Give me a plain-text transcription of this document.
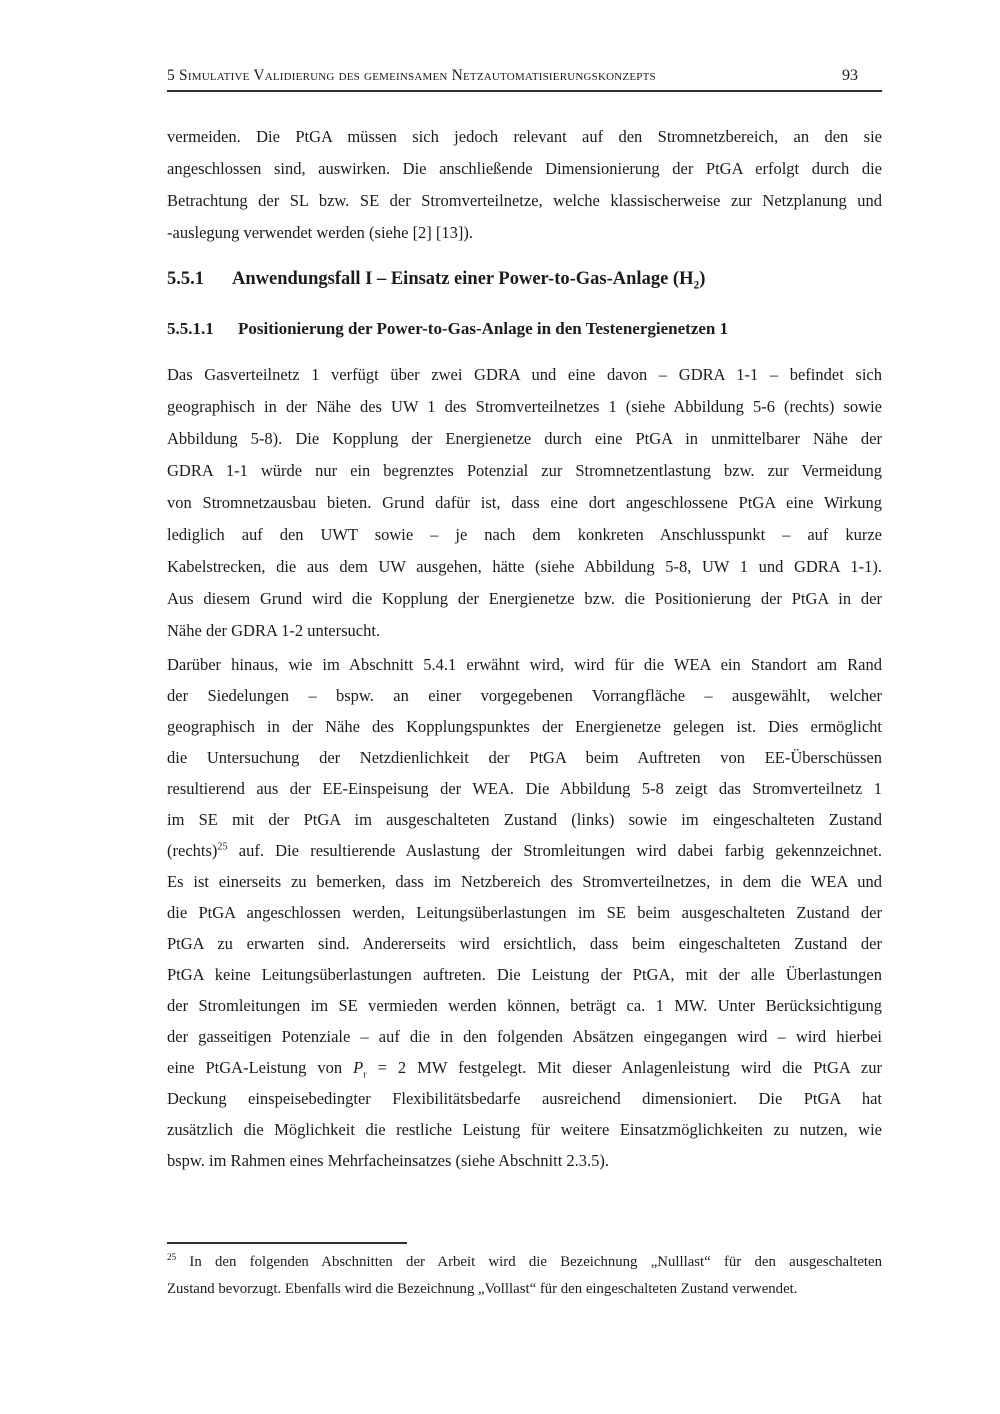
5 Simulative Validierung des gemeinsamen Netzautomatisierungskonzepts	93
vermeiden. Die PtGA müssen sich jedoch relevant auf den Stromnetzbereich, an den sie
angeschlossen sind, auswirken. Die anschließende Dimensionierung der PtGA erfolgt durch die
Betrachtung der SL bzw. SE der Stromverteilnetze, welche klassischerweise zur Netzplanung und
-auslegung verwendet werden (siehe [2] [13]).
5.5.1 Anwendungsfall I – Einsatz einer Power-to-Gas-Anlage $(H_2)$
5.5.1.1 Positionierung der Power-to-Gas-Anlage in den Testenergienetzen 1
Das Gasverteilnetz 1 verfügt über zwei GDRA und eine davon – GDRA 1-1 – befindet sich
geographisch in der Nähe des UW 1 des Stromverteilnetzes 1 (siehe Abbildung 5-6 (rechts) sowie
Abbildung 5-8). Die Kopplung der Energienetze durch eine PtGA in unmittelbarer Nähe der
GDRA 1-1 würde nur ein begrenztes Potenzial zur Stromnetzentlastung bzw. zur Vermeidung
von Stromnetzausbau bieten. Grund dafür ist, dass eine dort angeschlossene PtGA eine Wirkung
lediglich auf den UWT sowie – je nach dem konkreten Anschlusspunkt – auf kurze
Kabelstrecken, die aus dem UW ausgehen, hätte (siehe Abbildung 5-8, UW 1 und GDRA 1-1).
Aus diesem Grund wird die Kopplung der Energienetze bzw. die Positionierung der PtGA in der
Nähe der GDRA 1-2 untersucht.
Darüber hinaus, wie im Abschnitt 5.4.1 erwähnt wird, wird für die WEA ein Standort am Rand
der Siedelungen – bspw. an einer vorgegebenen Vorrangfläche – ausgewählt, welcher
geographisch in der Nähe des Kopplungspunktes der Energienetze gelegen ist. Dies ermöglicht
die Untersuchung der Netzdienlichkeit der PtGA beim Auftreten von EE-Überschüssen
resultierend aus der EE-Einspeisung der WEA. Die Abbildung 5-8 zeigt das Stromverteilnetz 1
im SE mit der PtGA im ausgeschalteten Zustand (links) sowie im eingeschalteten Zustand
(rechts)$^{25}$ auf. Die resultierende Auslastung der Stromleitungen wird dabei farbig gekennzeichnet.
Es ist einerseits zu bemerken, dass im Netzbereich des Stromverteilnetzes, in dem die WEA und
die PtGA angeschlossen werden, Leitungsüberlastungen im SE beim ausgeschalteten Zustand der
PtGA zu erwarten sind. Andererseits wird ersichtlich, dass beim eingeschalteten Zustand der
PtGA keine Leitungsüberlastungen auftreten. Die Leistung der PtGA, mit der alle Überlastungen
der Stromleitungen im SE vermieden werden können, beträgt ca. 1 MW. Unter Berücksichtigung
der gasseitigen Potenziale – auf die in den folgenden Absätzen eingegangen wird – wird hierbei
eine PtGA-Leistung von $P_r = 2$ MW festgelegt. Mit dieser Anlagenleistung wird die PtGA zur
Deckung einspeisebedingter Flexibilitätsbedarfe ausreichend dimensioniert. Die PtGA hat
zusätzlich die Möglichkeit die restliche Leistung für weitere Einsatzmöglichkeiten zu nutzen, wie
bspw. im Rahmen eines Mehrfacheinsatzes (siehe Abschnitt 2.3.5).
$^{25}$ In den folgenden Abschnitten der Arbeit wird die Bezeichnung „Nulllast“ für den ausgeschalteten
Zustand bevorzugt. Ebenfalls wird die Bezeichnung „Volllast“ für den eingeschalteten Zustand verwendet.
